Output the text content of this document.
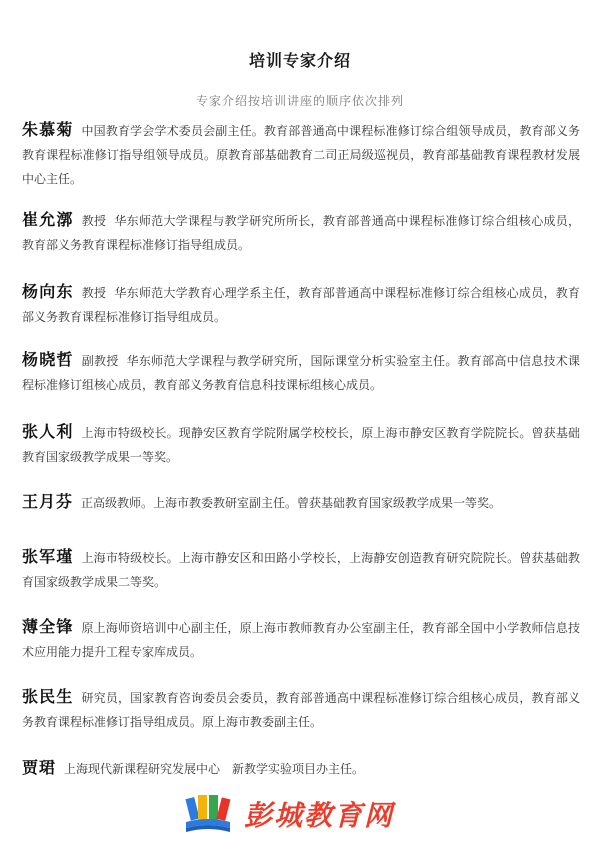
培训专家介绍
专家介绍按培训讲座的顺序依次排列
朱慕菊 中国教育学会学术委员会副主任。教育部普通高中课程标准修订综合组领导成员，教育部义务教育课程标准修订指导组领导成员。原教育部基础教育二司正局级巡视员，教育部基础教育课程教材发展中心主任。
崔允漷 教授 华东师范大学课程与教学研究所所长，教育部普通高中课程标准修订综合组核心成员，教育部义务教育课程标准修订指导组成员。
杨向东 教授 华东师范大学教育心理学系主任，教育部普通高中课程标准修订综合组核心成员，教育部义务教育课程标准修订指导组成员。
杨晓哲 副教授 华东师范大学课程与教学研究所，国际课堂分析实验室主任。教育部高中信息技术课程标准修订组核心成员，教育部义务教育信息科技课标组核心成员。
张人利 上海市特级校长。现静安区教育学院附属学校校长，原上海市静安区教育学院院长。曾获基础教育国家级教学成果一等奖。
王月芬 正高级教师。上海市教委教研室副主任。曾获基础教育国家级教学成果一等奖。
张军瑾 上海市特级校长。上海市静安区和田路小学校长，上海静安创造教育研究院院长。曾获基础教育国家级教学成果二等奖。
薄全锋 原上海师资培训中心副主任，原上海市教师教育办公室副主任，教育部全国中小学教师信息技术应用能力提升工程专家库成员。
张民生 研究员，国家教育咨询委员会委员，教育部普通高中课程标准修订综合组核心成员，教育部义务教育课程标准修订指导组成员。原上海市教委副主任。
贾珺 上海现代新课程研究发展中心　新教学实验项目办主任。
彭城教育网
